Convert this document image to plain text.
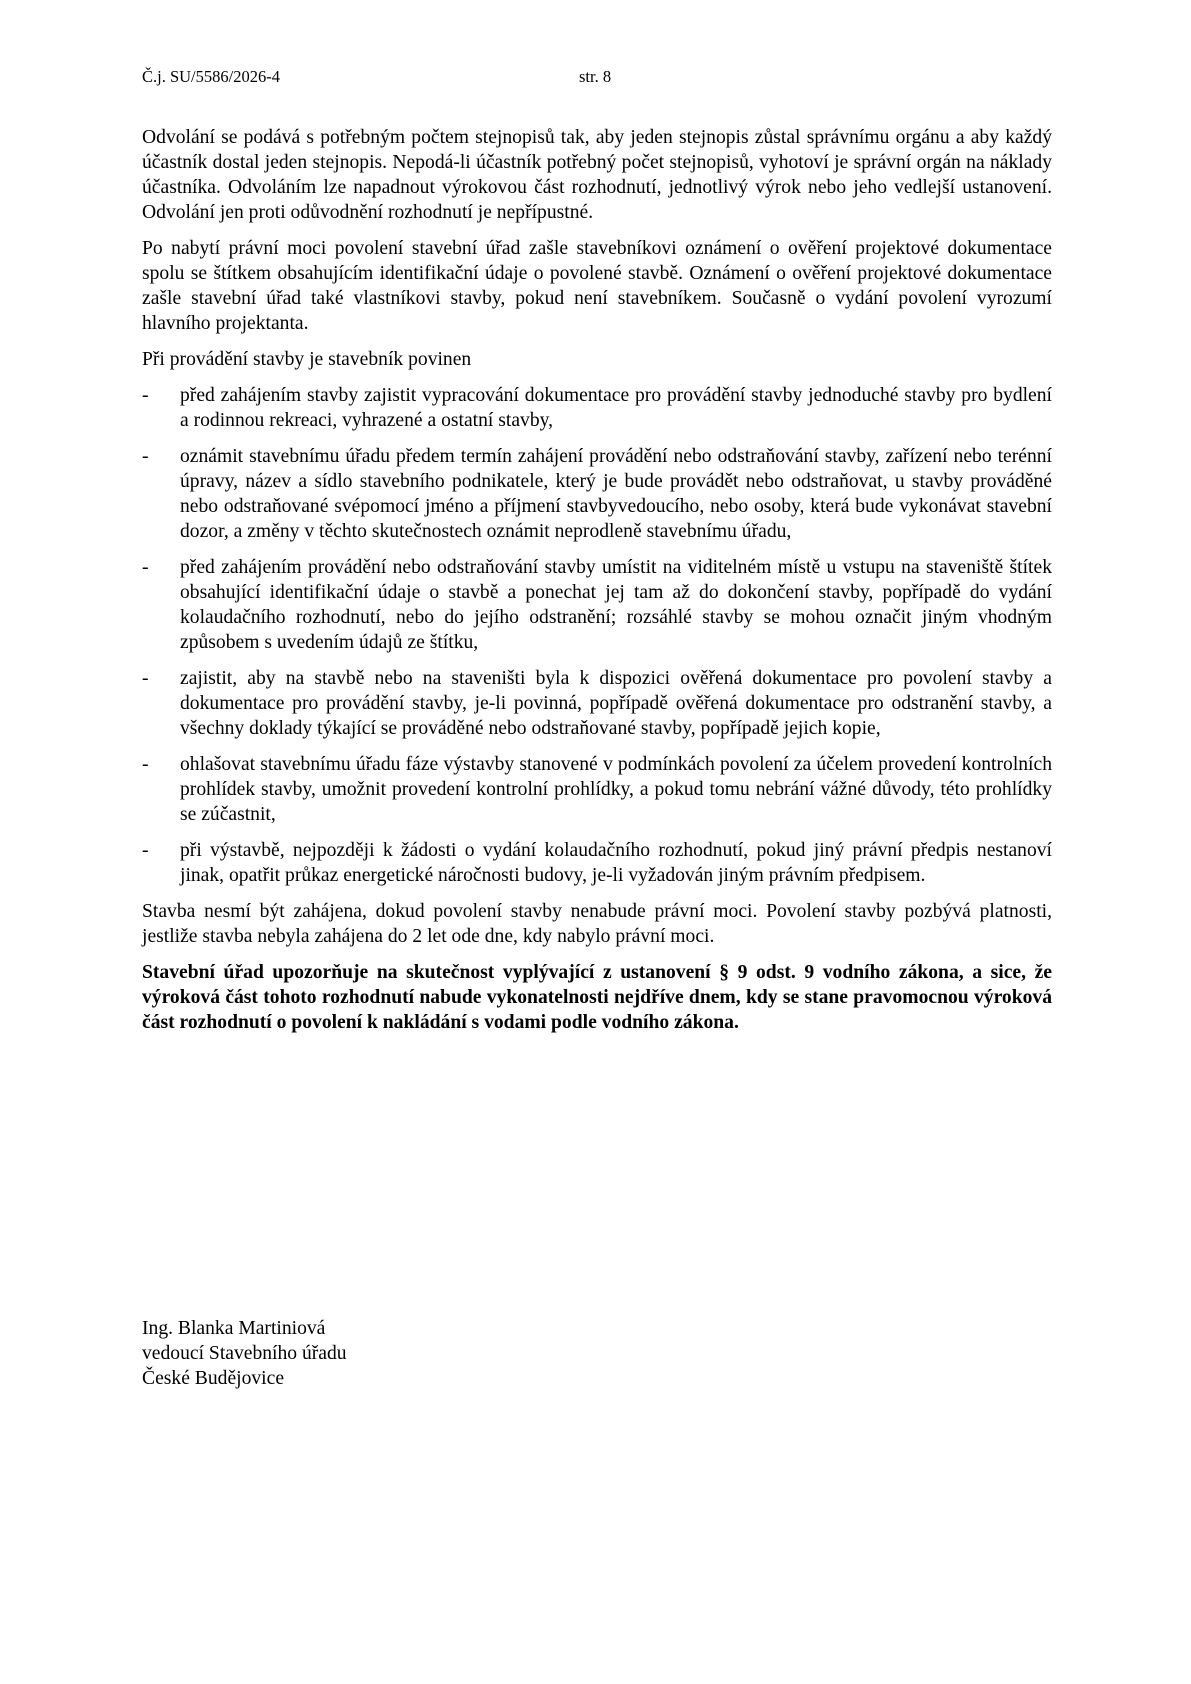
Č.j. SU/5586/2026-4	str. 8

Odvolání se podává s potřebným počtem stejnopisů tak, aby jeden stejnopis zůstal správnímu orgánu a aby každý účastník dostal jeden stejnopis. Nepodá-li účastník potřebný počet stejnopisů, vyhotoví je správní orgán na náklady účastníka. Odvoláním lze napadnout výrokovou část rozhodnutí, jednotlivý výrok nebo jeho vedlejší ustanovení. Odvolání jen proti odůvodnění rozhodnutí je nepřípustné.

Po nabytí právní moci povolení stavební úřad zašle stavebníkovi oznámení o ověření projektové dokumentace spolu se štítkem obsahujícím identifikační údaje o povolené stavbě. Oznámení o ověření projektové dokumentace zašle stavební úřad také vlastníkovi stavby, pokud není stavebníkem. Současně o vydání povolení vyrozumí hlavního projektanta.

Při provádění stavby je stavebník povinen

- před zahájením stavby zajistit vypracování dokumentace pro provádění stavby jednoduché stavby pro bydlení a rodinnou rekreaci, vyhrazené a ostatní stavby,
- oznámit stavebnímu úřadu předem termín zahájení provádění nebo odstraňování stavby, zařízení nebo terénní úpravy, název a sídlo stavebního podnikatele, který je bude provádět nebo odstraňovat, u stavby prováděné nebo odstraňované svépomocí jméno a příjmení stavbyvedoucího, nebo osoby, která bude vykonávat stavební dozor, a změny v těchto skutečnostech oznámit neprodleně stavebnímu úřadu,
- před zahájením provádění nebo odstraňování stavby umístit na viditelném místě u vstupu na staveniště štítek obsahující identifikační údaje o stavbě a ponechat jej tam až do dokončení stavby, popřípadě do vydání kolaudačního rozhodnutí, nebo do jejího odstranění; rozsáhlé stavby se mohou označit jiným vhodným způsobem s uvedením údajů ze štítku,
- zajistit, aby na stavbě nebo na staveništi byla k dispozici ověřená dokumentace pro povolení stavby a dokumentace pro provádění stavby, je-li povinná, popřípadě ověřená dokumentace pro odstranění stavby, a všechny doklady týkající se prováděné nebo odstraňované stavby, popřípadě jejich kopie,
- ohlašovat stavebnímu úřadu fáze výstavby stanovené v podmínkách povolení za účelem provedení kontrolních prohlídek stavby, umožnit provedení kontrolní prohlídky, a pokud tomu nebrání vážné důvody, této prohlídky se zúčastnit,
- při výstavbě, nejpozději k žádosti o vydání kolaudačního rozhodnutí, pokud jiný právní předpis nestanoví jinak, opatřit průkaz energetické náročnosti budovy, je-li vyžadován jiným právním předpisem.

Stavba nesmí být zahájena, dokud povolení stavby nenabude právní moci. Povolení stavby pozbývá platnosti, jestliže stavba nebyla zahájena do 2 let ode dne, kdy nabylo právní moci.

Stavební úřad upozorňuje na skutečnost vyplývající z ustanovení § 9 odst. 9 vodního zákona, a sice, že výroková část tohoto rozhodnutí nabude vykonatelnosti nejdříve dnem, kdy se stane pravomocnou výroková část rozhodnutí o povolení k nakládání s vodami podle vodního zákona.

Ing. Blanka Martiniová
vedoucí Stavebního úřadu
České Budějovice
